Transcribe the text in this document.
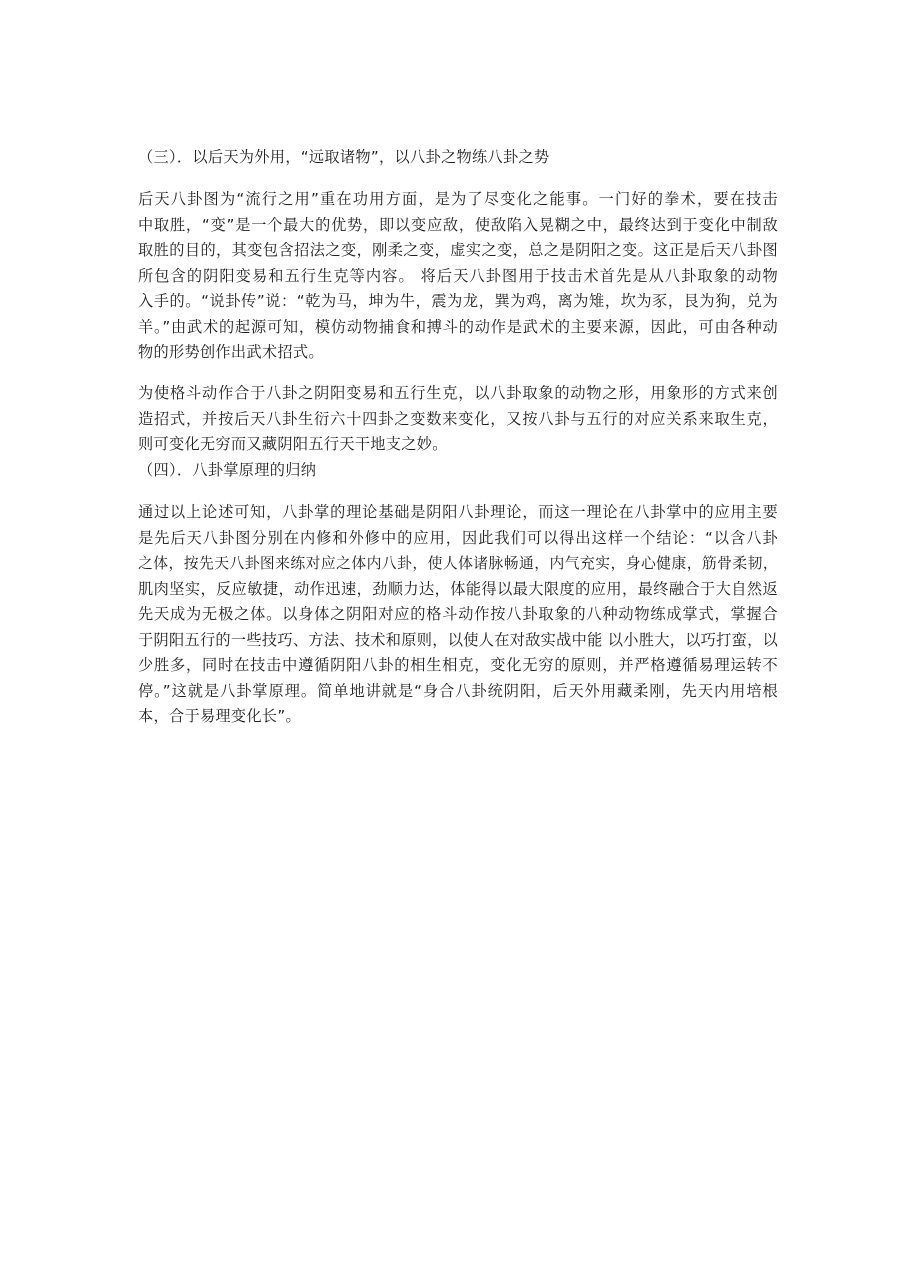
（三）．以后天为外用，“远取诸物”，以八卦之物练八卦之势
后天八卦图为“流行之用”重在功用方面，是为了尽变化之能事。一门好的拳术，要在技击
中取胜，“变”是一个最大的优势，即以变应敌，使敌陷入晃糊之中，最终达到于变化中制敌
取胜的目的，其变包含招法之变，刚柔之变，虚实之变，总之是阴阳之变。这正是后天八卦图
所包含的阴阳变易和五行生克等内容。 将后天八卦图用于技击术首先是从八卦取象的动物
入手的。“说卦传”说：“乾为马，坤为牛，震为龙，巽为鸡，离为雉，坎为豕，艮为狗，兑为
羊。”由武术的起源可知，模仿动物捕食和搏斗的动作是武术的主要来源，因此，可由各种动
物的形势创作出武术招式。
为使格斗动作合于八卦之阴阳变易和五行生克，以八卦取象的动物之形，用象形的方式来创
造招式，并按后天八卦生衍六十四卦之变数来变化，又按八卦与五行的对应关系来取生克，
则可变化无穷而又藏阴阳五行天干地支之妙。
（四）．八卦掌原理的归纳
通过以上论述可知，八卦掌的理论基础是阴阳八卦理论，而这一理论在八卦掌中的应用主要
是先后天八卦图分别在内修和外修中的应用，因此我们可以得出这样一个结论：“以含八卦
之体，按先天八卦图来练对应之体内八卦，使人体诸脉畅通，内气充实，身心健康，筋骨柔韧，
肌肉坚实，反应敏捷，动作迅速，劲顺力达，体能得以最大限度的应用，最终融合于大自然返
先天成为无极之体。以身体之阴阳对应的格斗动作按八卦取象的八种动物练成掌式，掌握合
于阴阳五行的一些技巧、方法、技术和原则，以使人在对敌实战中能 以小胜大，以巧打蛮，以
少胜多，同时在技击中遵循阴阳八卦的相生相克，变化无穷的原则，并严格遵循易理运转不
停。”这就是八卦掌原理。简单地讲就是“身合八卦统阴阳，后天外用藏柔刚，先天内用培根
本，合于易理变化长”。
